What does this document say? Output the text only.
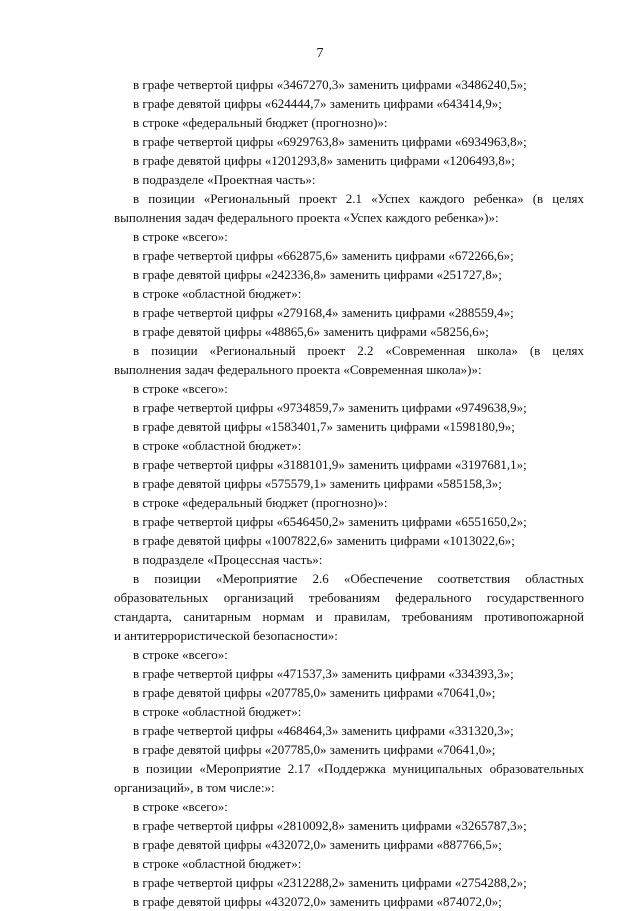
7
в графе четвертой цифры «3467270,3» заменить цифрами «3486240,5»;
в графе девятой цифры «624444,7» заменить цифрами «643414,9»;
в строке «федеральный бюджет (прогнозно)»:
в графе четвертой цифры «6929763,8» заменить цифрами «6934963,8»;
в графе девятой цифры «1201293,8» заменить цифрами «1206493,8»;
в подразделе «Проектная часть»:
в позиции «Региональный проект 2.1 «Успех каждого ребенка» (в целях
выполнения задач федерального проекта «Успех каждого ребенка»)»:
в строке «всего»:
в графе четвертой цифры «662875,6» заменить цифрами «672266,6»;
в графе девятой цифры «242336,8» заменить цифрами «251727,8»;
в строке «областной бюджет»:
в графе четвертой цифры «279168,4» заменить цифрами «288559,4»;
в графе девятой цифры «48865,6» заменить цифрами «58256,6»;
в позиции «Региональный проект 2.2 «Современная школа» (в целях
выполнения задач федерального проекта «Современная школа»)»:
в строке «всего»:
в графе четвертой цифры «9734859,7» заменить цифрами «9749638,9»;
в графе девятой цифры «1583401,7» заменить цифрами «1598180,9»;
в строке «областной бюджет»:
в графе четвертой цифры «3188101,9» заменить цифрами «3197681,1»;
в графе девятой цифры «575579,1» заменить цифрами «585158,3»;
в строке «федеральный бюджет (прогнозно)»:
в графе четвертой цифры «6546450,2» заменить цифрами «6551650,2»;
в графе девятой цифры «1007822,6» заменить цифрами «1013022,6»;
в подразделе «Процессная часть»:
в позиции «Мероприятие 2.6 «Обеспечение соответствия областных
образовательных организаций требованиям федерального государственного
стандарта, санитарным нормам и правилам, требованиям противопожарной
и антитеррористической безопасности»:
в строке «всего»:
в графе четвертой цифры «471537,3» заменить цифрами «334393,3»;
в графе девятой цифры «207785,0» заменить цифрами «70641,0»;
в строке «областной бюджет»:
в графе четвертой цифры «468464,3» заменить цифрами «331320,3»;
в графе девятой цифры «207785,0» заменить цифрами «70641,0»;
в позиции «Мероприятие 2.17 «Поддержка муниципальных образовательных
организаций», в том числе:»:
в строке «всего»:
в графе четвертой цифры «2810092,8» заменить цифрами «3265787,3»;
в графе девятой цифры «432072,0» заменить цифрами «887766,5»;
в строке «областной бюджет»:
в графе четвертой цифры «2312288,2» заменить цифрами «2754288,2»;
в графе девятой цифры «432072,0» заменить цифрами «874072,0»;
